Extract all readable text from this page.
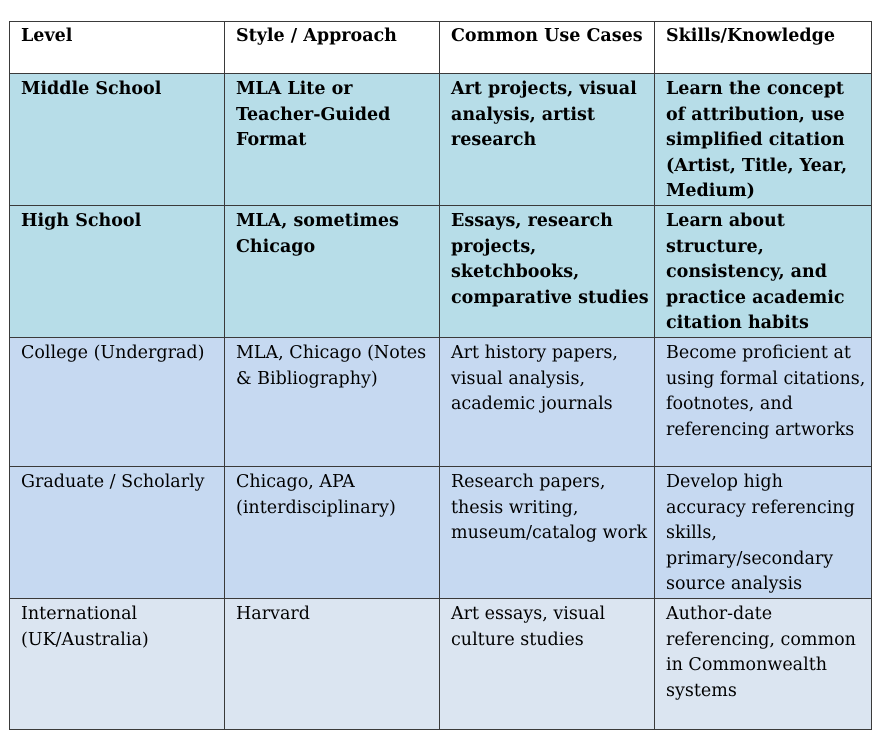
Level	Style / Approach	Common Use Cases	Skills/Knowledge
Middle School	MLA Lite or Teacher-Guided Format	Art projects, visual analysis, artist research	Learn the concept of attribution, use simplified citation (Artist, Title, Year, Medium)
High School	MLA, sometimes Chicago	Essays, research projects, sketchbooks, comparative studies	Learn about structure, consistency, and practice academic citation habits
College (Undergrad)	MLA, Chicago (Notes & Bibliography)	Art history papers, visual analysis, academic journals	Become proficient at using formal citations, footnotes, and referencing artworks
Graduate / Scholarly	Chicago, APA (interdisciplinary)	Research papers, thesis writing, museum/catalog work	Develop high accuracy referencing skills, primary/secondary source analysis
International (UK/Australia)	Harvard	Art essays, visual culture studies	Author-date referencing, common in Commonwealth systems
